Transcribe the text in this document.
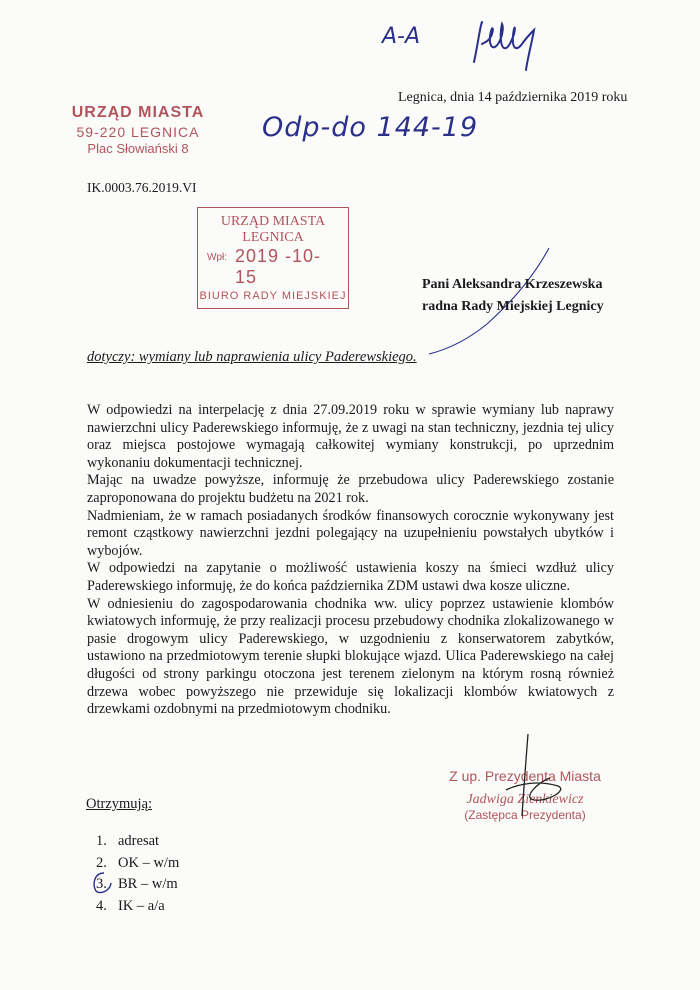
A-A
URZĄD MIASTA
59-220 LEGNICA
Plac Słowiański 8
Odp-do 144-19
Legnica, dnia 14 października 2019 roku
IK.0003.76.2019.VI
URZĄD MIASTA LEGNICA
Wpł: 2019 -10- 15
BIURO RADY MIEJSKIEJ
Pani Aleksandra Krzeszewska
radna Rady Miejskiej Legnicy
dotyczy: wymiany lub naprawienia ulicy Paderewskiego.

W odpowiedzi na interpelację z dnia 27.09.2019 roku w sprawie wymiany lub naprawy nawierzchni ulicy Paderewskiego informuję, że z uwagi na stan techniczny, jezdnia tej ulicy oraz miejsca postojowe wymagają całkowitej wymiany konstrukcji, po uprzednim wykonaniu dokumentacji technicznej.

Mając na uwadze powyższe, informuję że przebudowa ulicy Paderewskiego zostanie zaproponowana do projektu budżetu na 2021 rok.

Nadmieniam, że w ramach posiadanych środków finansowych corocznie wykonywany jest remont cząstkowy nawierzchni jezdni polegający na uzupełnieniu powstałych ubytków i wybojów.

W odpowiedzi na zapytanie o możliwość ustawienia koszy na śmieci wzdłuż ulicy Paderewskiego informuję, że do końca października ZDM ustawi dwa kosze uliczne.

W odniesieniu do zagospodarowania chodnika ww. ulicy poprzez ustawienie klombów kwiatowych informuję, że przy realizacji procesu przebudowy chodnika zlokalizowanego w pasie drogowym ulicy Paderewskiego, w uzgodnieniu z konserwatorem zabytków, ustawiono na przedmiotowym terenie słupki blokujące wjazd. Ulica Paderewskiego na całej długości od strony parkingu otoczona jest terenem zielonym na którym rosną również drzewa wobec powyższego nie przewiduje się lokalizacji klombów kwiatowych z drzewkami ozdobnymi na przedmiotowym chodniku.

Z up. Prezydenta Miasta
Jadwiga Zienkiewicz
(Zastępca Prezydenta)
Otrzymują:
1. adresat
2. OK – w/m
3. BR – w/m
4. IK – a/a
